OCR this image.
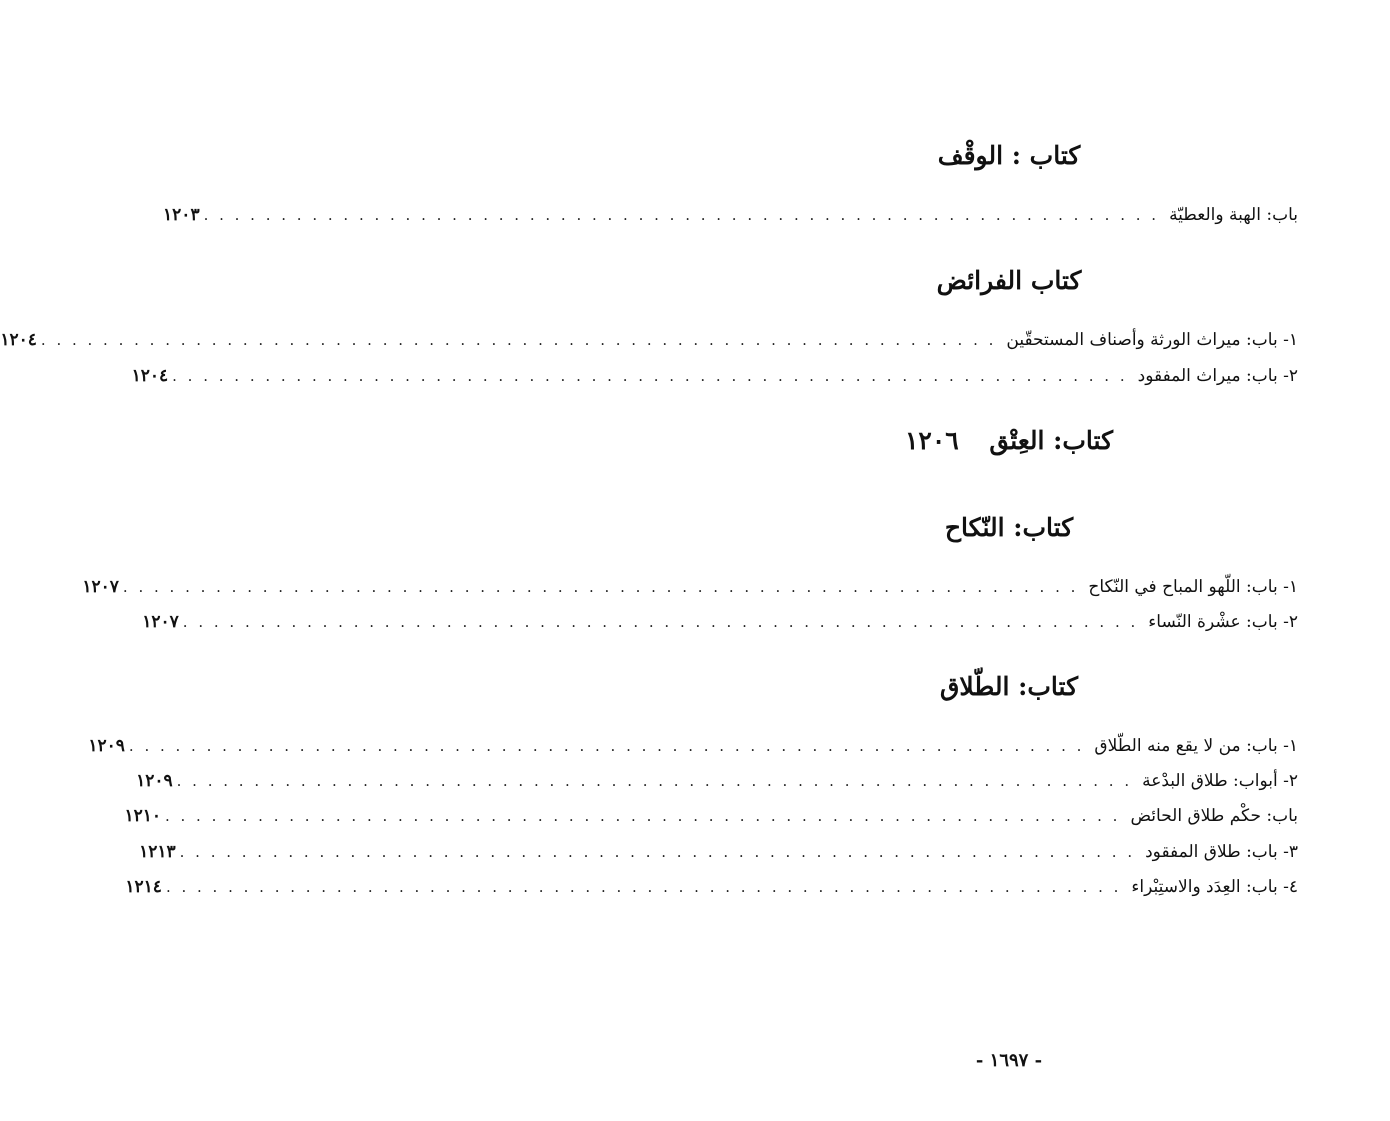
كتاب : الوقْف
باب: الهبة والعطيّة
. . . . . . . . . . . . . . . . . . . . . . . . . . . . . . . . . . . . . . . . . . . . . . . . . . . . . . . . . . . . . .
١٢٠٣
كتاب الفرائض
١- باب: ميراث الورثة وأصناف المستحقّين
. . . . . . . . . . . . . . . . . . . . . . . . . . . . . . . . . . . . . . . . . . . . . . . . . . . . . . . . . . . . . .
١٢٠٤
٢- باب: ميراث المفقود
. . . . . . . . . . . . . . . . . . . . . . . . . . . . . . . . . . . . . . . . . . . . . . . . . . . . . . . . . . . . . .
١٢٠٤
كتاب: العِتْق ١٢٠٦
كتاب: النّكاح
١- باب: اللّهو المباح في النّكاح
. . . . . . . . . . . . . . . . . . . . . . . . . . . . . . . . . . . . . . . . . . . . . . . . . . . . . . . . . . . . . .
١٢٠٧
٢- باب: عشْرة النّساء
. . . . . . . . . . . . . . . . . . . . . . . . . . . . . . . . . . . . . . . . . . . . . . . . . . . . . . . . . . . . . .
١٢٠٧
كتاب: الطّلاق
١- باب: من لا يقع منه الطّلاق
. . . . . . . . . . . . . . . . . . . . . . . . . . . . . . . . . . . . . . . . . . . . . . . . . . . . . . . . . . . . . .
١٢٠٩
٢- أبواب: طلاق البدْعة
. . . . . . . . . . . . . . . . . . . . . . . . . . . . . . . . . . . . . . . . . . . . . . . . . . . . . . . . . . . . . .
١٢٠٩
باب: حكْم طلاق الحائض
. . . . . . . . . . . . . . . . . . . . . . . . . . . . . . . . . . . . . . . . . . . . . . . . . . . . . . . . . . . . . .
١٢١٠
٣- باب: طلاق المفقود
. . . . . . . . . . . . . . . . . . . . . . . . . . . . . . . . . . . . . . . . . . . . . . . . . . . . . . . . . . . . . .
١٢١٣
٤- باب: العِدَد والاستِبْراء
. . . . . . . . . . . . . . . . . . . . . . . . . . . . . . . . . . . . . . . . . . . . . . . . . . . . . . . . . . . . . .
١٢١٤
- ١٦٩٧ -
